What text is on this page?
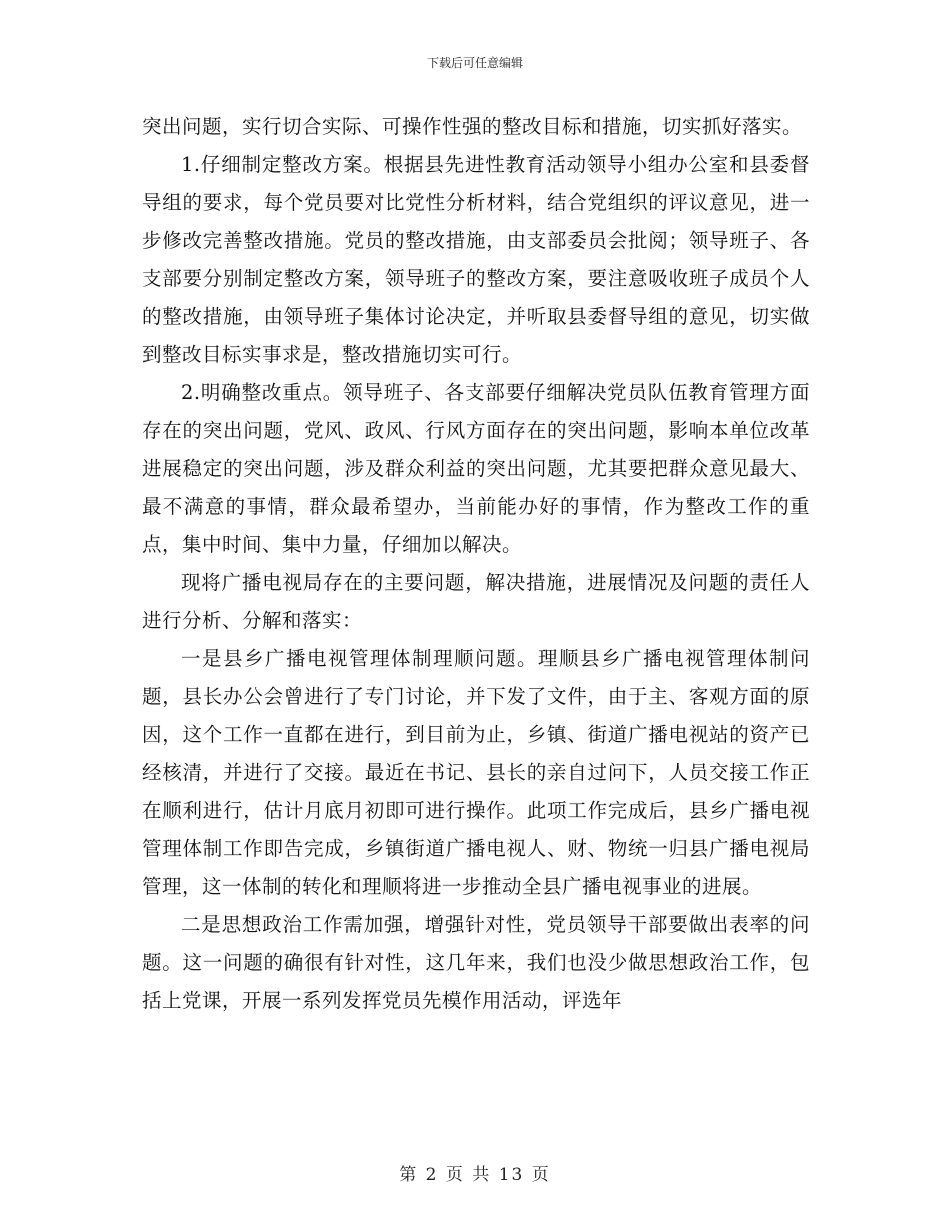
下载后可任意编辑

突出问题，实行切合实际、可操作性强的整改目标和措施，切实抓好落实。

1.仔细制定整改方案。根据县先进性教育活动领导小组办公室和县委督导组的要求，每个党员要对比党性分析材料，结合党组织的评议意见，进一步修改完善整改措施。党员的整改措施，由支部委员会批阅；领导班子、各支部要分别制定整改方案，领导班子的整改方案，要注意吸收班子成员个人的整改措施，由领导班子集体讨论决定，并听取县委督导组的意见，切实做到整改目标实事求是，整改措施切实可行。

2.明确整改重点。领导班子、各支部要仔细解决党员队伍教育管理方面存在的突出问题，党风、政风、行风方面存在的突出问题，影响本单位改革进展稳定的突出问题，涉及群众利益的突出问题，尤其要把群众意见最大、最不满意的事情，群众最希望办，当前能办好的事情，作为整改工作的重点，集中时间、集中力量，仔细加以解决。

现将广播电视局存在的主要问题，解决措施，进展情况及问题的责任人进行分析、分解和落实：

一是县乡广播电视管理体制理顺问题。理顺县乡广播电视管理体制问题，县长办公会曾进行了专门讨论，并下发了文件，由于主、客观方面的原因，这个工作一直都在进行，到目前为止，乡镇、街道广播电视站的资产已经核清，并进行了交接。最近在书记、县长的亲自过问下，人员交接工作正在顺利进行，估计月底月初即可进行操作。此项工作完成后，县乡广播电视管理体制工作即告完成，乡镇街道广播电视人、财、物统一归县广播电视局管理，这一体制的转化和理顺将进一步推动全县广播电视事业的进展。

二是思想政治工作需加强，增强针对性，党员领导干部要做出表率的问题。这一问题的确很有针对性，这几年来，我们也没少做思想政治工作，包括上党课，开展一系列发挥党员先模作用活动，评选年

第 2 页 共 13 页
